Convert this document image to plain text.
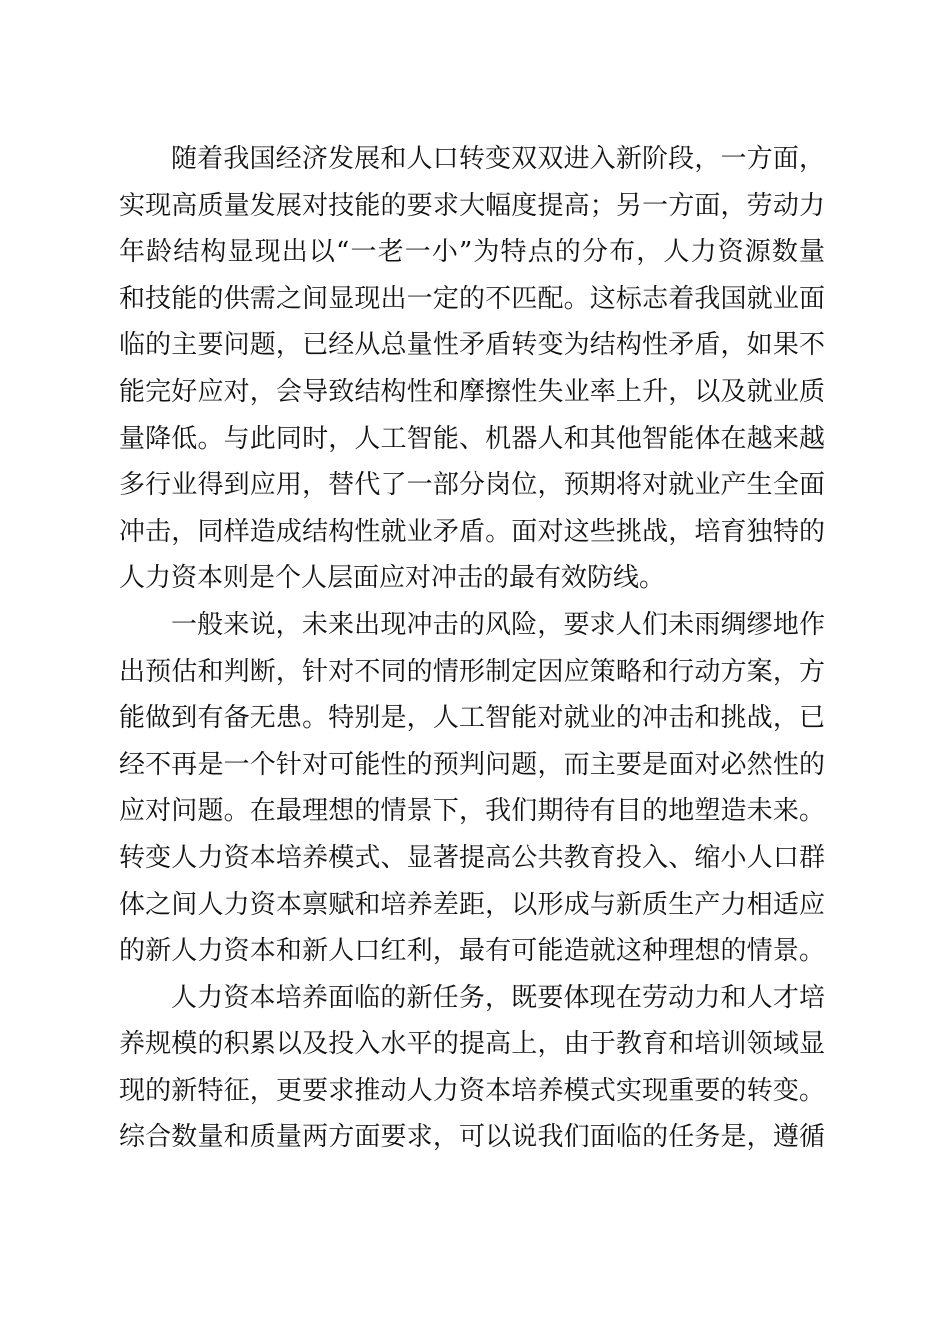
随着我国经济发展和人口转变双双进入新阶段，一方面，
实现高质量发展对技能的要求大幅度提高；另一方面，劳动力
年龄结构显现出以“一老一小”为特点的分布，人力资源数量
和技能的供需之间显现出一定的不匹配。这标志着我国就业面
临的主要问题，已经从总量性矛盾转变为结构性矛盾，如果不
能完好应对，会导致结构性和摩擦性失业率上升，以及就业质
量降低。与此同时，人工智能、机器人和其他智能体在越来越
多行业得到应用，替代了一部分岗位，预期将对就业产生全面
冲击，同样造成结构性就业矛盾。面对这些挑战，培育独特的
人力资本则是个人层面应对冲击的最有效防线。
一般来说，未来出现冲击的风险，要求人们未雨绸缪地作
出预估和判断，针对不同的情形制定因应策略和行动方案，方
能做到有备无患。特别是，人工智能对就业的冲击和挑战，已
经不再是一个针对可能性的预判问题，而主要是面对必然性的
应对问题。在最理想的情景下，我们期待有目的地塑造未来。
转变人力资本培养模式、显著提高公共教育投入、缩小人口群
体之间人力资本禀赋和培养差距，以形成与新质生产力相适应
的新人力资本和新人口红利，最有可能造就这种理想的情景。
人力资本培养面临的新任务，既要体现在劳动力和人才培
养规模的积累以及投入水平的提高上，由于教育和培训领域显
现的新特征，更要求推动人力资本培养模式实现重要的转变。
综合数量和质量两方面要求，可以说我们面临的任务是，遵循
